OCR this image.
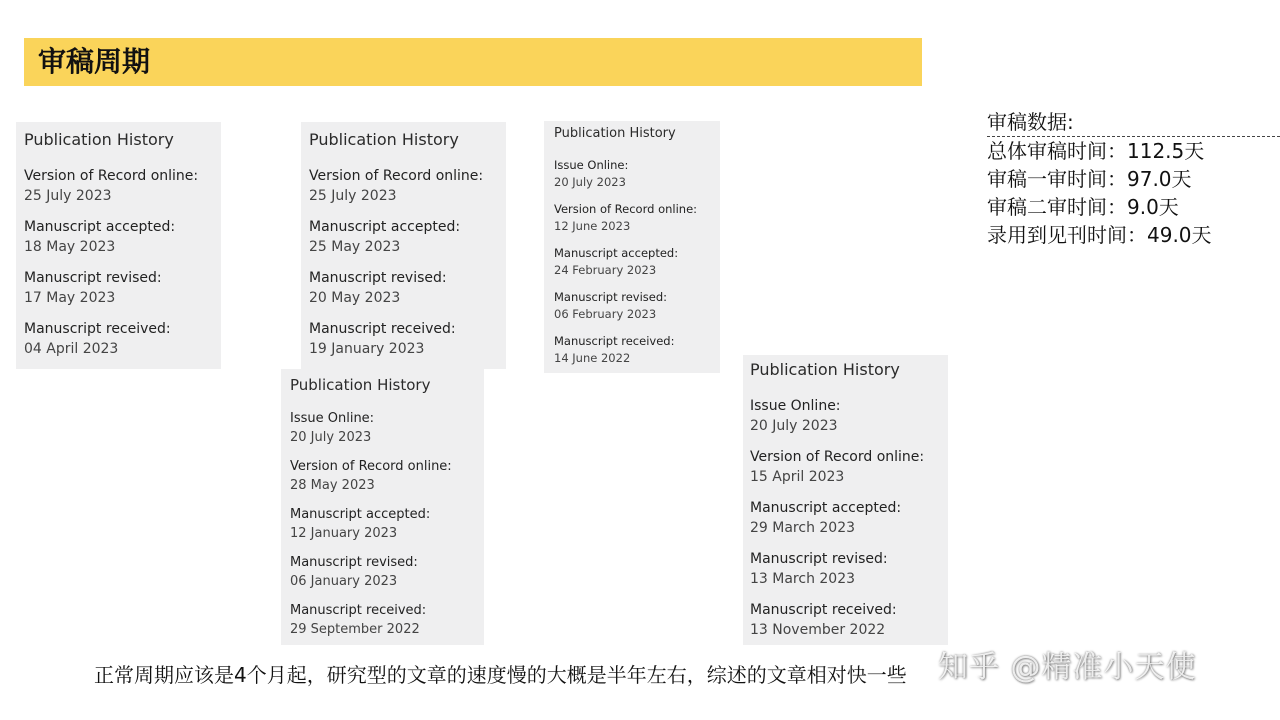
审稿周期
Publication History
Version of Record online:
25 July 2023
Manuscript accepted:
18 May 2023
Manuscript revised:
17 May 2023
Manuscript received:
04 April 2023
Publication History
Version of Record online:
25 July 2023
Manuscript accepted:
25 May 2023
Manuscript revised:
20 May 2023
Manuscript received:
19 January 2023
Publication History
Issue Online:
20 July 2023
Version of Record online:
12 June 2023
Manuscript accepted:
24 February 2023
Manuscript revised:
06 February 2023
Manuscript received:
14 June 2022
Publication History
Issue Online:
20 July 2023
Version of Record online:
28 May 2023
Manuscript accepted:
12 January 2023
Manuscript revised:
06 January 2023
Manuscript received:
29 September 2022
Publication History
Issue Online:
20 July 2023
Version of Record online:
15 April 2023
Manuscript accepted:
29 March 2023
Manuscript revised:
13 March 2023
Manuscript received:
13 November 2022
审稿数据:
总体审稿时间：112.5天
审稿一审时间：97.0天
审稿二审时间：9.0天
录用到见刊时间：49.0天
正常周期应该是4个月起，研究型的文章的速度慢的大概是半年左右，综述的文章相对快一些 知乎 @精准小天使
